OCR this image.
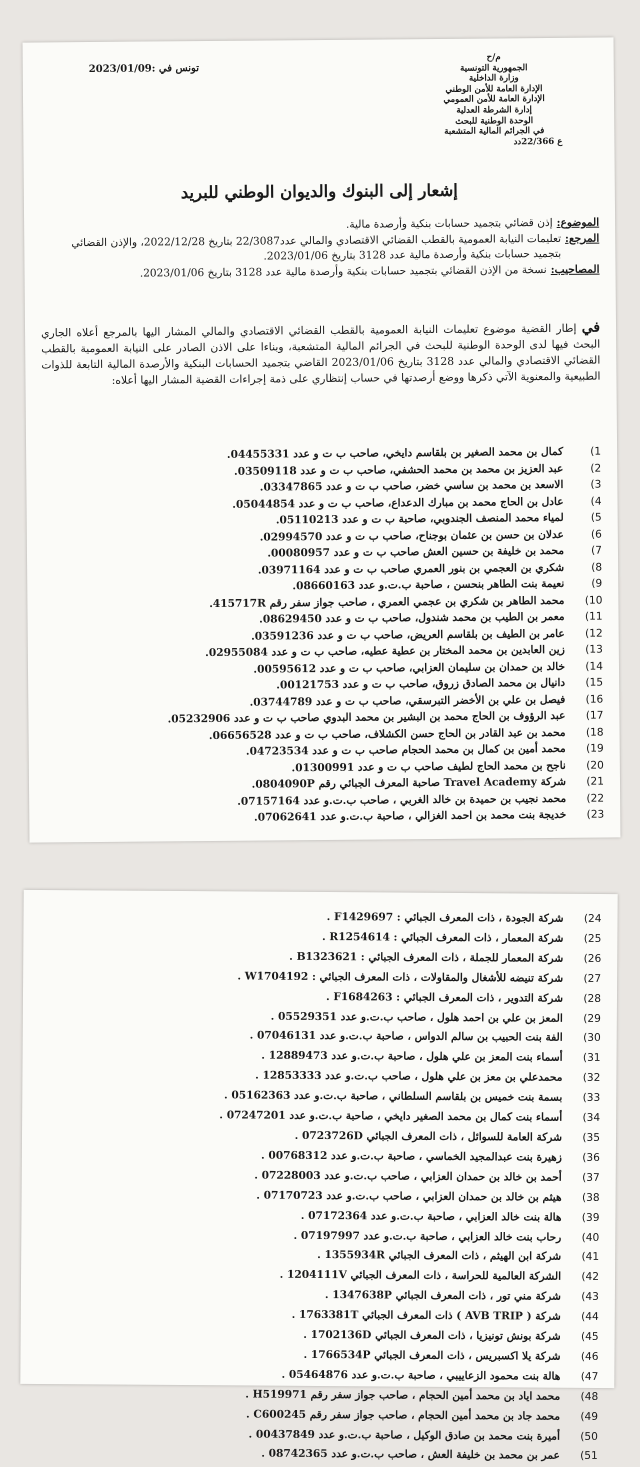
م/ح
الجمهورية التونسية
وزارة الداخلية
الإدارة العامة للأمن الوطني
الإدارة العامة للأمن العمومي
إدارة الشرطة العدلية
الوحدة الوطنية للبحث
في الجرائم المالية المتشعبة
ع 22/366دد
تونس في :2023/01/09
إشعار إلى البنوك والديوان الوطني للبريد
الموضوع:
إذن قضائي بتجميد حسابات بنكية وأرصدة مالية.
المرجع:
تعليمات النيابة العمومية بالقطب القضائي الاقتصادي والمالي عدد22/3087 بتاريخ 2022/12/28، والإذن القضائي بتجميد حسابات بنكية وأرصدة مالية عدد 3128 بتاريخ 2023/01/06.
المصاحيب:
نسخة من الإذن القضائي بتجميد حسابات بنكية وأرصدة مالية عدد 3128 بتاريخ 2023/01/06.
في إطار القضية موضوع تعليمات النيابة العمومية بالقطب القضائي الاقتصادي والمالي المشار اليها بالمرجع أعلاه الجاري البحث فيها لدى الوحدة الوطنية للبحث في الجرائم المالية المتشعبة، وبناءا على الاذن الصادر على النيابة العمومية بالقطب القضائي الاقتصادي والمالي عدد 3128 بتاريخ 2023/01/06 القاضي بتجميد الحسابات البنكية والأرصدة المالية التابعة للذوات الطبيعية والمعنوية الآتي ذكرها ووضع أرصدتها في حساب إنتظاري على ذمة إجراءات القضية المشار اليها أعلاه:
1)
كمال بن محمد الصغير بن بلقاسم دايخي، صاحب ب ت و عدد 04455331.
2)
عبد العزيز بن محمد بن محمد الحشفي، صاحب ب ت و عدد 03509118.
3)
الاسعد بن محمد بن ساسي خضر، صاحب ب ت و عدد 03347865.
4)
عادل بن الحاج محمد بن مبارك الدعداع، صاحب ب ت و عدد 05044854.
5)
لمياء محمد المنصف الجندوبي، صاحبة ب ت و عدد 05110213.
6)
عدلان بن حسن بن عثمان بوجناح، صاحب ب ت و عدد 02994570.
7)
محمد بن خليفة بن حسين العش صاحب ب ت و عدد 00080957.
8)
شكري بن العجمي بن بنور العمري صاحب ب ت و عدد 03971164.
9)
نعيمة بنت الطاهر بنحسن ، صاحبة ب.ت.و عدد 08660163.
10)
محمد الطاهر بن شكري بن عجمي العمري ، صاحب جواز سفر رقم 415717R.
11)
معمر بن الطيب بن محمد شندول، صاحب ب ت و عدد 08629450.
12)
عامر بن الطيف بن بلقاسم العريض، صاحب ب ت و عدد 03591236.
13)
زين العابدين بن محمد المختار بن عطية عطيه، صاحب ب ت و عدد 02955084.
14)
خالد بن حمدان بن سليمان العزابي، صاحب ب ت و عدد 00595612.
15)
دانيال بن محمد الصادق زروق، صاحب ب ت و عدد 00121753.
16)
فيصل بن علي بن الأخضر التبرسقي، صاحب ب ت و عدد 03744789.
17)
عبد الرؤوف بن الحاج محمد بن البشير بن محمد البدوي صاحب ب ت و عدد 05232906.
18)
محمد بن عبد القادر بن الحاج حسن الكشلاف، صاحب ب ت و عدد 06656528.
19)
محمد أمين بن كمال بن محمد الحجام صاحب ب ت و عدد 04723534.
20)
ناجح بن محمد الحاج لطيف صاحب ب ت و عدد 01300991.
21)
شركة Travel Academy صاحبة المعرف الجبائي رقم 0804090P.
22)
محمد نجيب بن حميدة بن خالد الغربي ، صاحب ب.ت.و عدد 07157164.
23)
خديجة بنت محمد بن احمد الغزالي ، صاحبة ب.ت.و عدد 07062641.
24)
شركة الجودة ، ذات المعرف الجبائي : F1429697 .
25)
شركة المعمار ، ذات المعرف الجبائي : R1254614 .
26)
شركة المعمار للجملة ، ذات المعرف الجبائي : B1323621 .
27)
شركة تنيضه للأشغال والمقاولات ، ذات المعرف الجبائي : W1704192 .
28)
شركة التدوير ، ذات المعرف الجبائي : F1684263 .
29)
المعز بن علي بن احمد هلول ، صاحب ب.ت.و عدد 05529351 .
30)
الفة بنت الحبيب بن سالم الدواس ، صاحبة ب.ت.و عدد 07046131 .
31)
أسماء بنت المعز بن علي هلول ، صاحبة ب.ت.و عدد 12889473 .
32)
محمدعلي بن معز بن علي هلول ، صاحب ب.ت.و عدد 12853333 .
33)
بسمة بنت خميس بن بلقاسم السلطاني ، صاحبة ب.ت.و عدد 05162363 .
34)
أسماء بنت كمال بن محمد الصغير دايخي ، صاحبة ب.ت.و عدد 07247201 .
35)
شركة العامة للسوائل ، ذات المعرف الجبائي 0723726D .
36)
زهيرة بنت عبدالمجيد الخماسي ، صاحبة ب.ت.و عدد 00768312 .
37)
أحمد بن خالد بن حمدان العزابي ، صاحب ب.ت.و عدد 07228003 .
38)
هيثم بن خالد بن حمدان العزابي ، صاحب ب.ت.و عدد 07170723 .
39)
هالة بنت خالد العزابي ، صاحبة ب.ت.و عدد 07172364 .
40)
رحاب بنت خالد العزابي ، صاحبة ب.ت.و عدد 07197997 .
41)
شركة ابن الهيثم ، ذات المعرف الجبائي 1355934R .
42)
الشركة العالمية للحراسة ، ذات المعرف الجبائي 1204111V .
43)
شركة مني تور ، ذات المعرف الجبائي 1347638P .
44)
شركة ( AVB TRIP ) ذات المعرف الجبائي 1763381T .
45)
شركة بونش تونيزيا ، ذات المعرف الجبائي 1702136D .
46)
شركة يلا اكسبريس ، ذات المعرف الجبائي 1766534P .
47)
هالة بنت محمود الزعاييبي ، صاحبة ب.ت.و عدد 05464876 .
48)
محمد اياد بن محمد أمين الحجام ، صاحب جواز سفر رقم H519971 .
49)
محمد جاد بن محمد أمين الحجام ، صاحب جواز سفر رقم C600245 .
50)
أميرة بنت محمد بن صادق الوكيل ، صاحبة ب.ت.و عدد 00437849 .
51)
عمر بن محمد بن خليفة العش ، صاحب ب.ت.و عدد 08742365 .
